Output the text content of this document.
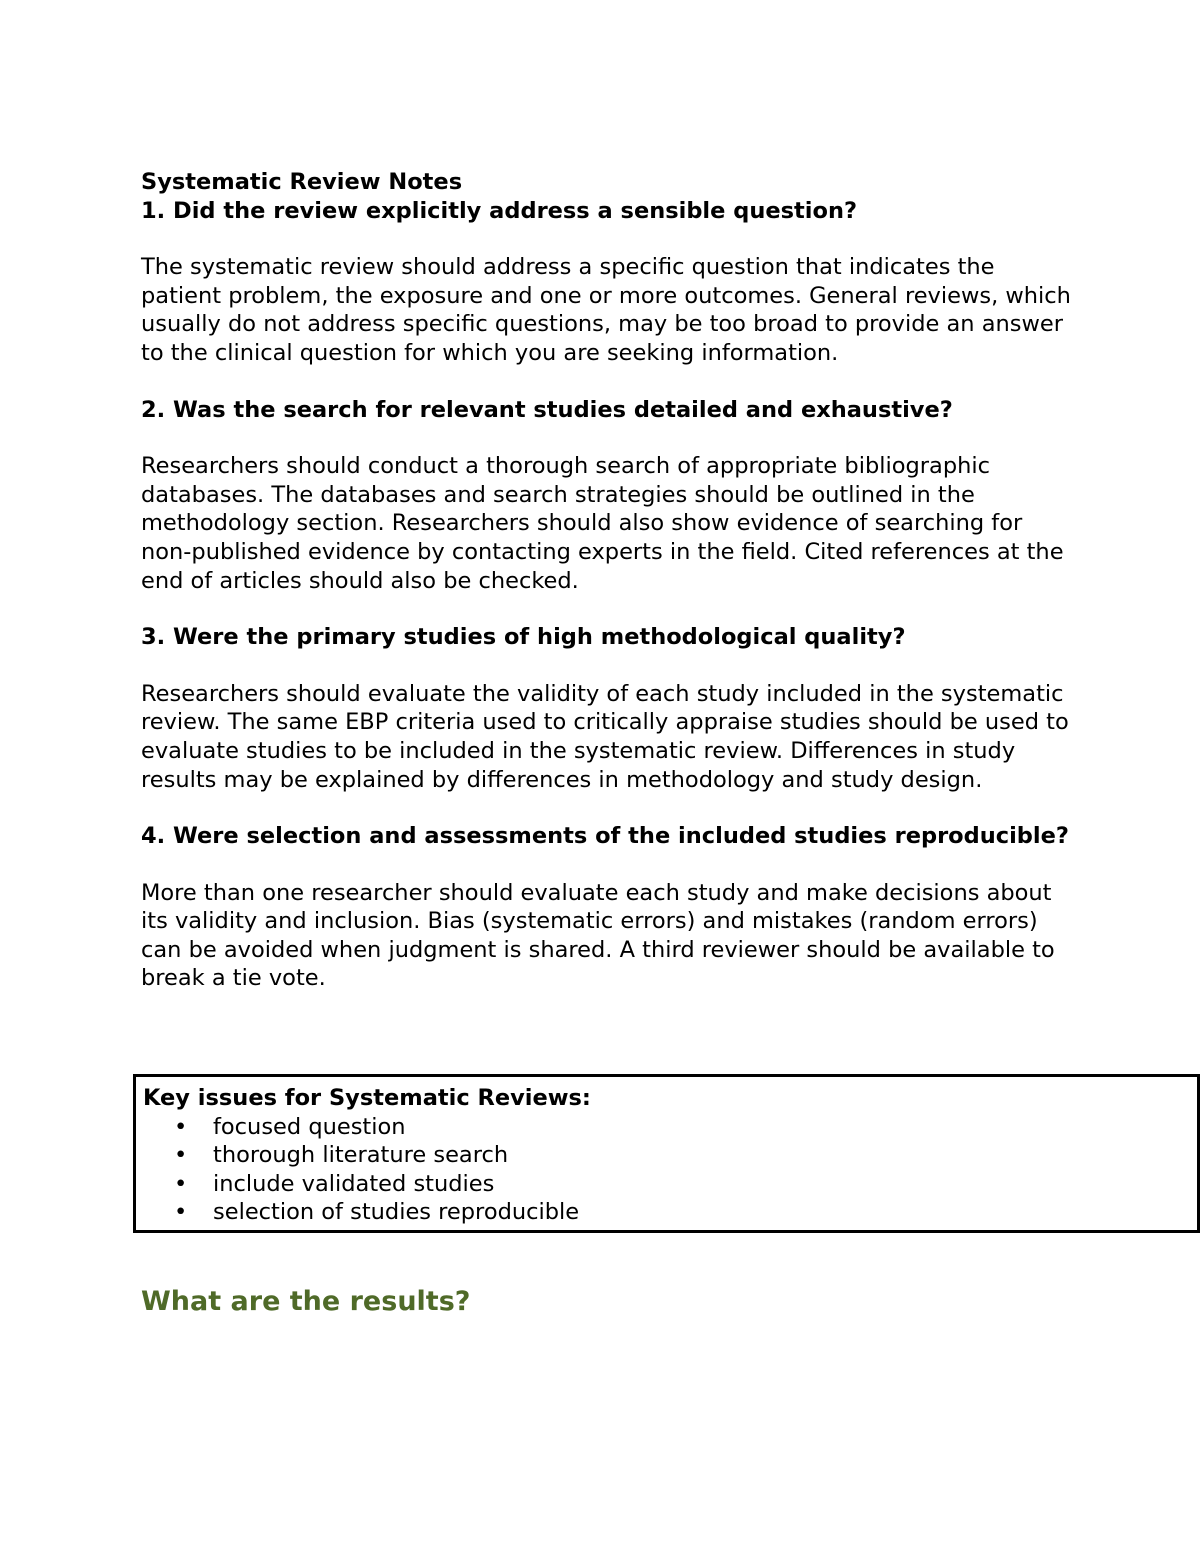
Systematic Review Notes

1. Did the review explicitly address a sensible question?

The systematic review should address a specific question that indicates the patient problem, the exposure and one or more outcomes. General reviews, which usually do not address specific questions, may be too broad to provide an answer to the clinical question for which you are seeking information.

2. Was the search for relevant studies detailed and exhaustive?

Researchers should conduct a thorough search of appropriate bibliographic databases. The databases and search strategies should be outlined in the methodology section. Researchers should also show evidence of searching for non-published evidence by contacting experts in the field. Cited references at the end of articles should also be checked.

3. Were the primary studies of high methodological quality?

Researchers should evaluate the validity of each study included in the systematic review. The same EBP criteria used to critically appraise studies should be used to evaluate studies to be included in the systematic review. Differences in study results may be explained by differences in methodology and study design.

4. Were selection and assessments of the included studies reproducible?

More than one researcher should evaluate each study and make decisions about its validity and inclusion. Bias (systematic errors) and mistakes (random errors) can be avoided when judgment is shared. A third reviewer should be available to break a tie vote.

Key issues for Systematic Reviews:

• focused question
• thorough literature search
• include validated studies
• selection of studies reproducible
What are the results?
